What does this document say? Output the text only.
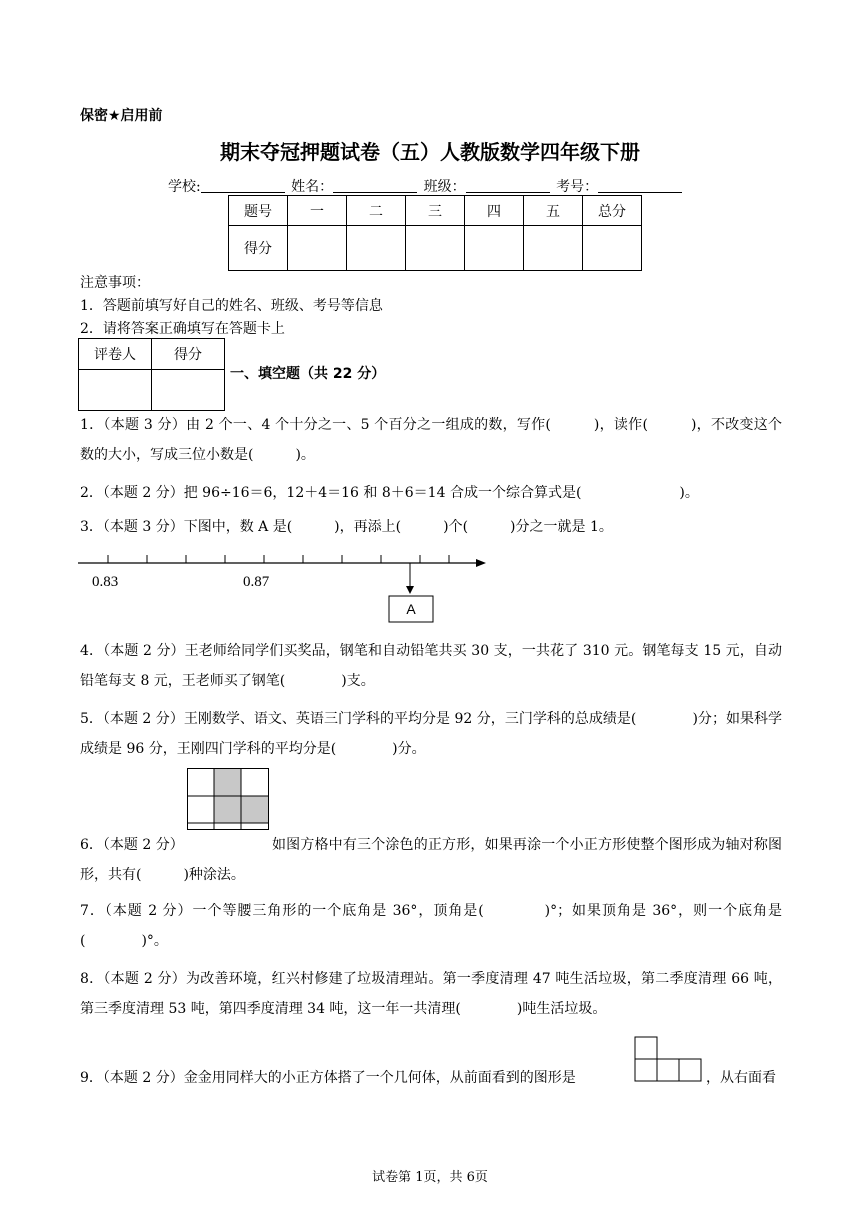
保密★启用前
期末夺冠押题试卷（五）人教版数学四年级下册
学校:	姓名：	班级：	考号：
题号	一	二	三	四	五	总分
得分						
注意事项：
1．答题前填写好自己的姓名、班级、考号等信息
2．请将答案正确填写在答题卡上
评卷人	得分

一、填空题（共 22 分）
1．（本题 3 分）由 2 个一、4 个十分之一、5 个百分之一组成的数，写作(　　　)，读作(　　　)，不改变这个数的大小，写成三位小数是(　　　)。
2．（本题 2 分）把 96÷16＝6，12＋4＝16 和 8＋6＝14 合成一个综合算式是(　　　　　　　)。
3．（本题 3 分）下图中，数 A 是(　　　)，再添上(　　　)个(　　　)分之一就是 1。
0.83	0.87
A
4．（本题 2 分）王老师给同学们买奖品，钢笔和自动铅笔共买 30 支，一共花了 310 元。钢笔每支 15 元，自动铅笔每支 8 元，王老师买了钢笔(　　　　)支。
5．（本题 2 分）王刚数学、语文、英语三门学科的平均分是 92 分，三门学科的总成绩是(　　　　)分；如果科学成绩是 96 分，王刚四门学科的平均分是(　　　　)分。
6．（本题 2 分）	如图方格中有三个涂色的正方形，如果再涂一个小正方形使整个图形成为轴对称图形，共有(　　　)种涂法。
7．（本题 2 分）一个等腰三角形的一个底角是 36°，顶角是(　　　　)°；如果顶角是 36°，则一个底角是(　　　　)°。
8．（本题 2 分）为改善环境，红兴村修建了垃圾清理站。第一季度清理 47 吨生活垃圾，第二季度清理 66 吨，第三季度清理 53 吨，第四季度清理 34 吨，这一年一共清理(　　　　)吨生活垃圾。
9．（本题 2 分）金金用同样大的小正方体搭了一个几何体，从前面看到的图形是	，从右面看
试卷第 1页，共 6页
